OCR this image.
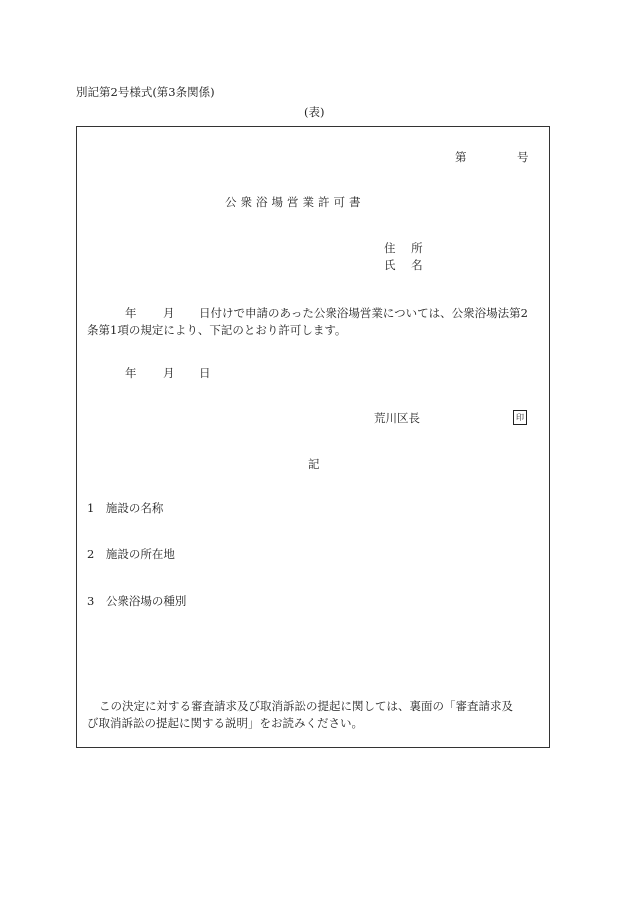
別記第2号様式(第3条関係)
(表)
第	号
公衆浴場営業許可書
住 所
氏 名
年 月 日付けで申請のあった公衆浴場営業については、公衆浴場法第2
条第1項の規定により、下記のとおり許可します。
年 月 日
荒川区長	印
記
1　施設の名称
2　施設の所在地
3　公衆浴場の種別
この決定に対する審査請求及び取消訴訟の提起に関しては、裏面の「審査請求及
び取消訴訟の提起に関する説明」をお読みください。
